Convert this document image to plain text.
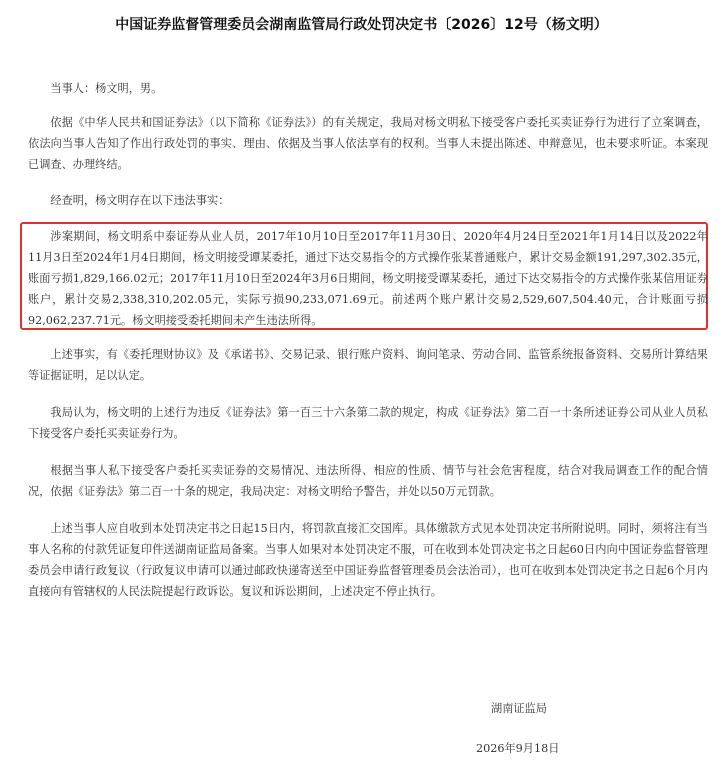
中国证券监督管理委员会湖南监管局行政处罚决定书〔2026〕12号（杨文明）

当事人：杨文明，男。

依据《中华人民共和国证券法》（以下简称《证券法》）的有关规定，我局对杨文明私下接受客户委托买卖证券行为进行了立案调查，依法向当事人告知了作出行政处罚的事实、理由、依据及当事人依法享有的权利。当事人未提出陈述、申辩意见，也未要求听证。本案现已调查、办理终结。

经查明，杨文明存在以下违法事实：

涉案期间，杨文明系中泰证券从业人员，2017年10月10日至2017年11月30日、2020年4月24日至2021年1月14日以及2022年11月3日至2024年1月4日期间，杨文明接受谭某委托，通过下达交易指令的方式操作张某普通账户，累计交易金额191,297,302.35元，账面亏损1,829,166.02元；2017年11月10日至2024年3月6日期间，杨文明接受谭某委托，通过下达交易指令的方式操作张某信用证券账户，累计交易2,338,310,202.05元，实际亏损90,233,071.69元。前述两个账户累计交易2,529,607,504.40元，合计账面亏损92,062,237.71元。杨文明接受委托期间未产生违法所得。

上述事实，有《委托理财协议》及《承诺书》、交易记录、银行账户资料、询问笔录、劳动合同、监管系统报备资料、交易所计算结果等证据证明，足以认定。

我局认为，杨文明的上述行为违反《证券法》第一百三十六条第二款的规定，构成《证券法》第二百一十条所述证券公司从业人员私下接受客户委托买卖证券行为。

根据当事人私下接受客户委托买卖证券的交易情况、违法所得、相应的性质、情节与社会危害程度，结合对我局调查工作的配合情况，依据《证券法》第二百一十条的规定，我局决定：对杨文明给予警告，并处以50万元罚款。

上述当事人应自收到本处罚决定书之日起15日内，将罚款直接汇交国库。具体缴款方式见本处罚决定书所附说明。同时，须将注有当事人名称的付款凭证复印件送湖南证监局备案。当事人如果对本处罚决定不服，可在收到本处罚决定书之日起60日内向中国证券监督管理委员会申请行政复议（行政复议申请可以通过邮政快递寄送至中国证券监督管理委员会法治司），也可在收到本处罚决定书之日起6个月内直接向有管辖权的人民法院提起行政诉讼。复议和诉讼期间，上述决定不停止执行。

湖南证监局
2026年9月18日
